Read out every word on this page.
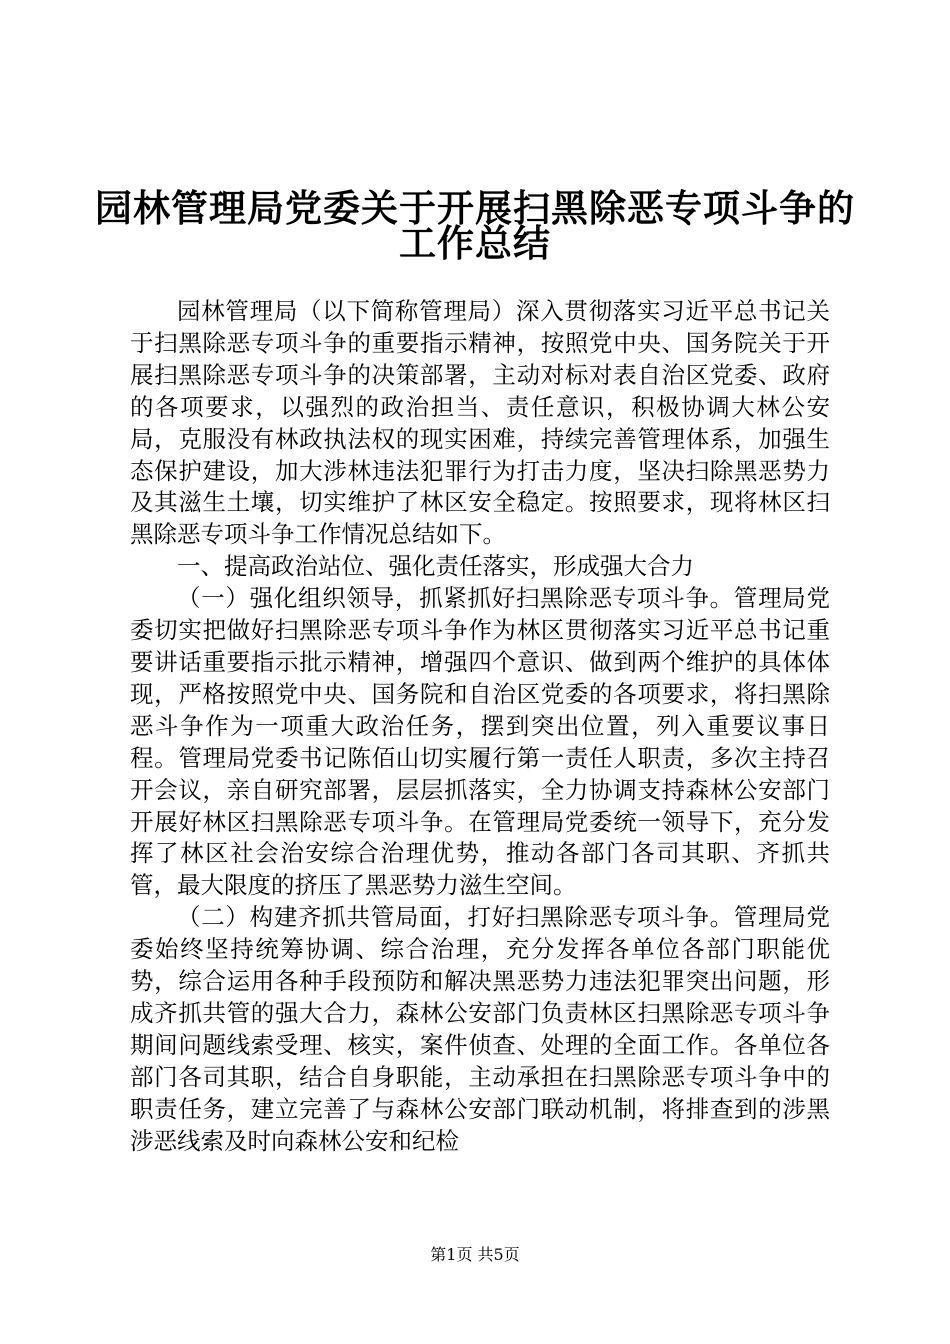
园林管理局党委关于开展扫黑除恶专项斗争的
工作总结

园林管理局（以下简称管理局）深入贯彻落实习近平总书记关于扫黑除恶专项斗争的重要指示精神，按照党中央、国务院关于开展扫黑除恶专项斗争的决策部署，主动对标对表自治区党委、政府的各项要求，以强烈的政治担当、责任意识，积极协调大林公安局，克服没有林政执法权的现实困难，持续完善管理体系，加强生态保护建设，加大涉林违法犯罪行为打击力度，坚决扫除黑恶势力及其滋生土壤，切实维护了林区安全稳定。按照要求，现将林区扫黑除恶专项斗争工作情况总结如下。

一、提高政治站位、强化责任落实，形成强大合力

（一）强化组织领导，抓紧抓好扫黑除恶专项斗争。管理局党委切实把做好扫黑除恶专项斗争作为林区贯彻落实习近平总书记重要讲话重要指示批示精神，增强四个意识、做到两个维护的具体体现，严格按照党中央、国务院和自治区党委的各项要求，将扫黑除恶斗争作为一项重大政治任务，摆到突出位置，列入重要议事日程。管理局党委书记陈佰山切实履行第一责任人职责，多次主持召开会议，亲自研究部署，层层抓落实，全力协调支持森林公安部门开展好林区扫黑除恶专项斗争。在管理局党委统一领导下，充分发挥了林区社会治安综合治理优势，推动各部门各司其职、齐抓共管，最大限度的挤压了黑恶势力滋生空间。

（二）构建齐抓共管局面，打好扫黑除恶专项斗争。管理局党委始终坚持统筹协调、综合治理，充分发挥各单位各部门职能优势，综合运用各种手段预防和解决黑恶势力违法犯罪突出问题，形成齐抓共管的强大合力，森林公安部门负责林区扫黑除恶专项斗争期间问题线索受理、核实，案件侦查、处理的全面工作。各单位各部门各司其职，结合自身职能，主动承担在扫黑除恶专项斗争中的职责任务，建立完善了与森林公安部门联动机制，将排查到的涉黑涉恶线索及时向森林公安和纪检

第1页 共5页
